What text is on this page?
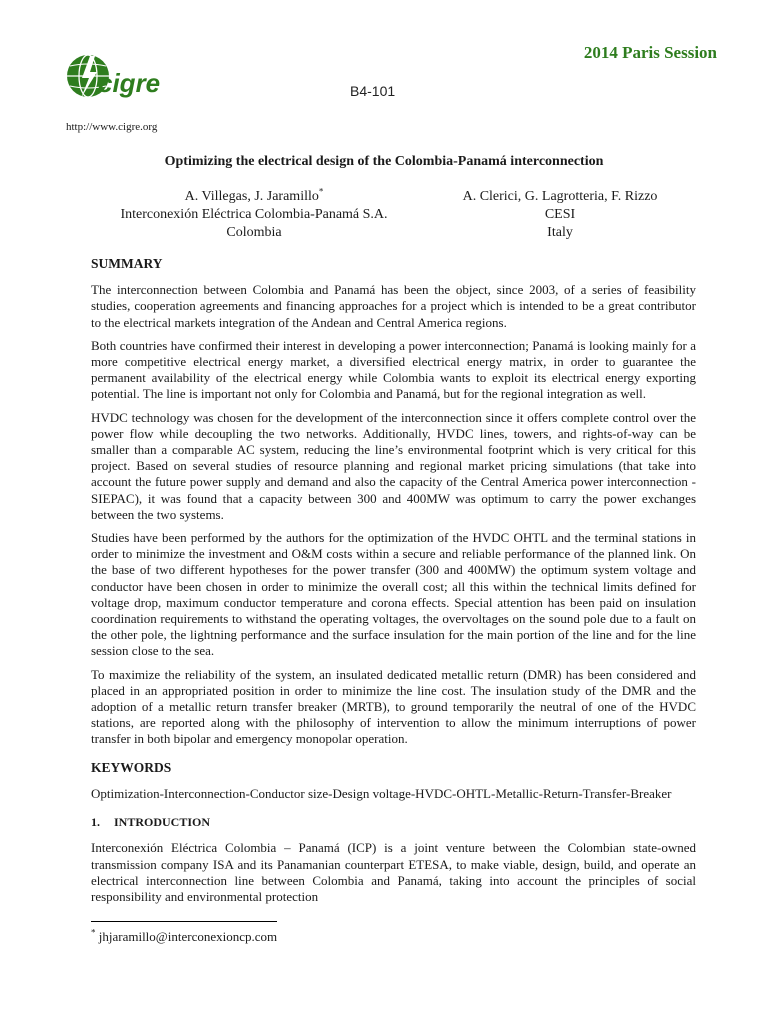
cigre
http://www.cigre.org
2014 Paris Session
B4-101
Optimizing the electrical design of the Colombia-Panamá interconnection
A. Villegas, J. Jaramillo*
Interconexión Eléctrica Colombia-Panamá S.A.
Colombia
A. Clerici, G. Lagrotteria, F. Rizzo
CESI
Italy
SUMMARY

The interconnection between Colombia and Panamá has been the object, since 2003, of a series of feasibility studies, cooperation agreements and financing approaches for a project which is intended to be a great contributor to the electrical markets integration of the Andean and Central America regions.

Both countries have confirmed their interest in developing a power interconnection; Panamá is looking mainly for a more competitive electrical energy market, a diversified electrical energy matrix, in order to guarantee the permanent availability of the electrical energy while Colombia wants to exploit its electrical energy exporting potential. The line is important not only for Colombia and Panamá, but for the regional integration as well.

HVDC technology was chosen for the development of the interconnection since it offers complete control over the power flow while decoupling the two networks. Additionally, HVDC lines, towers, and rights-of-way can be smaller than a comparable AC system, reducing the line’s environmental footprint which is very critical for this project. Based on several studies of resource planning and regional market pricing simulations (that take into account the future power supply and demand and also the capacity of the Central America power interconnection - SIEPAC), it was found that a capacity between 300 and 400MW was optimum to carry the power exchanges between the two systems.

Studies have been performed by the authors for the optimization of the HVDC OHTL and the terminal stations in order to minimize the investment and O&M costs within a secure and reliable performance of the planned link. On the base of two different hypotheses for the power transfer (300 and 400MW) the optimum system voltage and conductor have been chosen in order to minimize the overall cost; all this within the technical limits defined for voltage drop, maximum conductor temperature and corona effects. Special attention has been paid on insulation coordination requirements to withstand the operating voltages, the overvoltages on the sound pole due to a fault on the other pole, the lightning performance and the surface insulation for the main portion of the line and for the line session close to the sea.

To maximize the reliability of the system, an insulated dedicated metallic return (DMR) has been considered and placed in an appropriated position in order to minimize the line cost. The insulation study of the DMR and the adoption of a metallic return transfer breaker (MRTB), to ground temporarily the neutral of one of the HVDC stations, are reported along with the philosophy of intervention to allow the minimum interruptions of power transfer in both bipolar and emergency monopolar operation.

KEYWORDS

Optimization-Interconnection-Conductor size-Design voltage-HVDC-OHTL-Metallic-Return-Transfer-Breaker

1. INTRODUCTION

Interconexión Eléctrica Colombia – Panamá (ICP) is a joint venture between the Colombian state-owned transmission company ISA and its Panamanian counterpart ETESA, to make viable, design, build, and operate an electrical interconnection line between Colombia and Panamá, taking into account the principles of social responsibility and environmental protection

* jhjaramillo@interconexioncp.com
